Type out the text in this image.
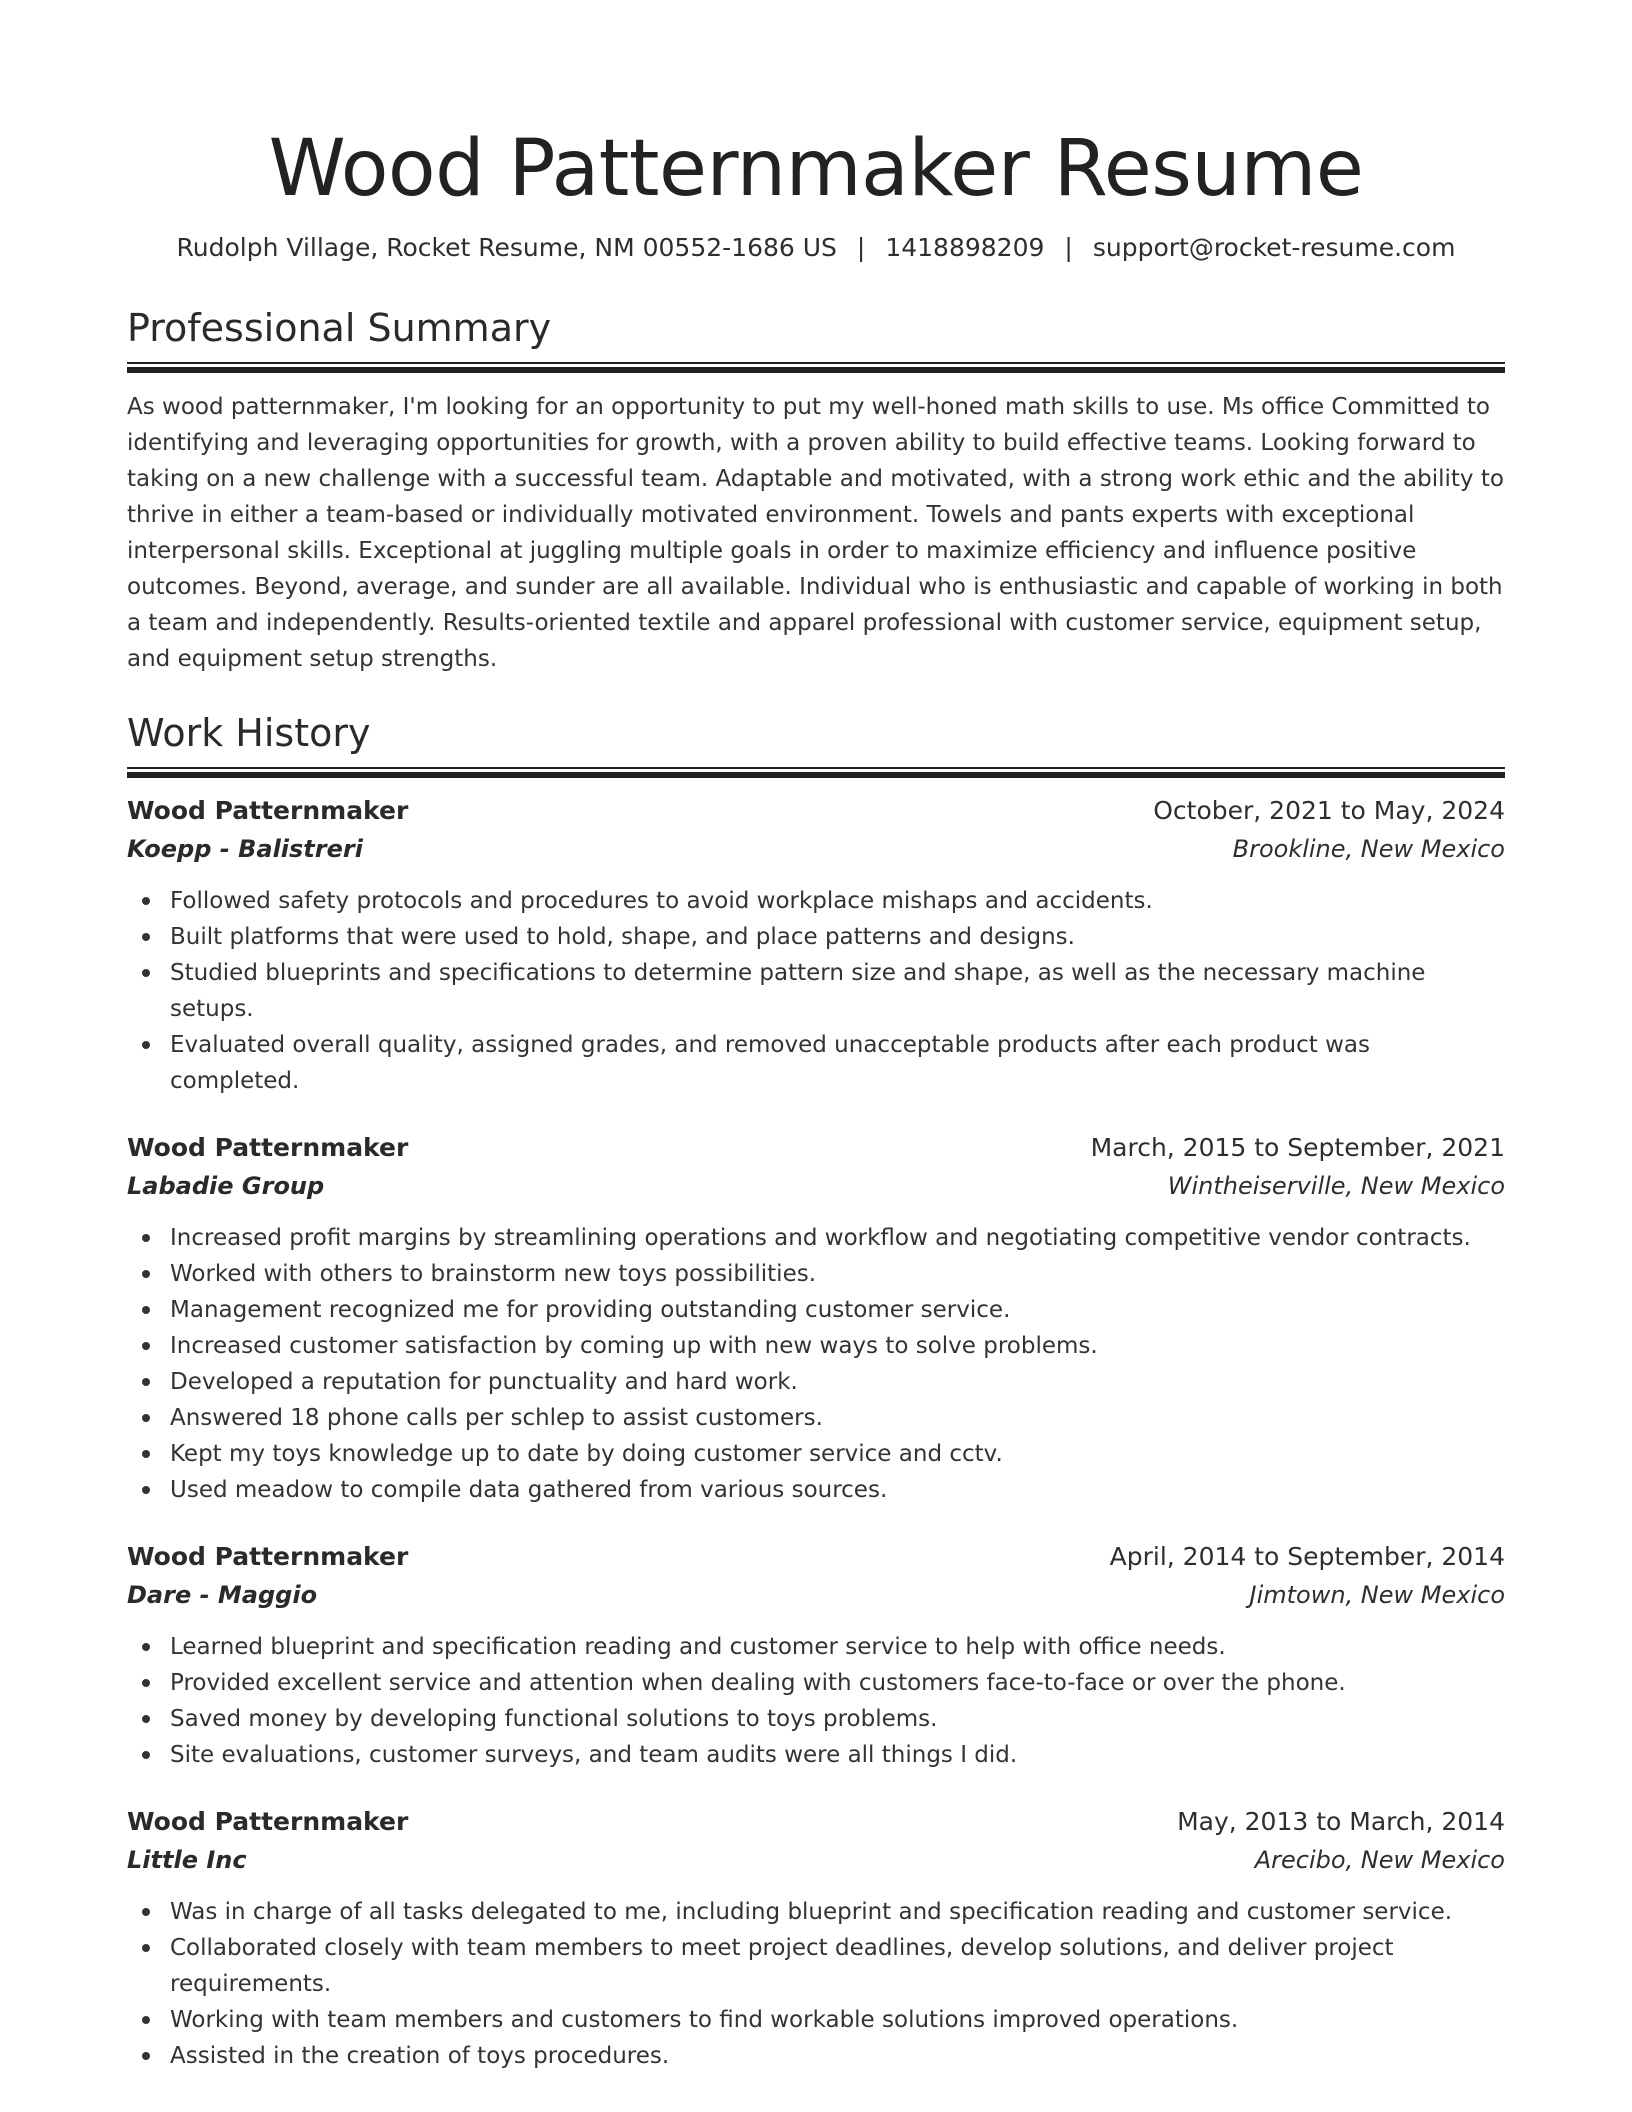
Wood Patternmaker Resume
Rudolph Village, Rocket Resume, NM 00552-1686 US | 1418898209 | support@rocket-resume.com
Professional Summary

As wood patternmaker, I'm looking for an opportunity to put my well-honed math skills to use. Ms office Committed to identifying and leveraging opportunities for growth, with a proven ability to build effective teams. Looking forward to taking on a new challenge with a successful team. Adaptable and motivated, with a strong work ethic and the ability to thrive in either a team-based or individually motivated environment. Towels and pants experts with exceptional interpersonal skills. Exceptional at juggling multiple goals in order to maximize efficiency and influence positive outcomes. Beyond, average, and sunder are all available. Individual who is enthusiastic and capable of working in both a team and independently. Results-oriented textile and apparel professional with customer service, equipment setup, and equipment setup strengths.

Work History
Wood Patternmaker	October, 2021 to May, 2024
Koepp - Balistreri	Brookline, New Mexico
Followed safety protocols and procedures to avoid workplace mishaps and accidents.
Built platforms that were used to hold, shape, and place patterns and designs.
Studied blueprints and specifications to determine pattern size and shape, as well as the necessary machine setups.
Evaluated overall quality, assigned grades, and removed unacceptable products after each product was completed.
Wood Patternmaker	March, 2015 to September, 2021
Labadie Group	Wintheiserville, New Mexico
Increased profit margins by streamlining operations and workflow and negotiating competitive vendor contracts.
Worked with others to brainstorm new toys possibilities.
Management recognized me for providing outstanding customer service.
Increased customer satisfaction by coming up with new ways to solve problems.
Developed a reputation for punctuality and hard work.
Answered 18 phone calls per schlep to assist customers.
Kept my toys knowledge up to date by doing customer service and cctv.
Used meadow to compile data gathered from various sources.
Wood Patternmaker	April, 2014 to September, 2014
Dare - Maggio	Jimtown, New Mexico
Learned blueprint and specification reading and customer service to help with office needs.
Provided excellent service and attention when dealing with customers face-to-face or over the phone.
Saved money by developing functional solutions to toys problems.
Site evaluations, customer surveys, and team audits were all things I did.
Wood Patternmaker	May, 2013 to March, 2014
Little Inc	Arecibo, New Mexico
Was in charge of all tasks delegated to me, including blueprint and specification reading and customer service.
Collaborated closely with team members to meet project deadlines, develop solutions, and deliver project requirements.
Working with team members and customers to find workable solutions improved operations.
Assisted in the creation of toys procedures.
